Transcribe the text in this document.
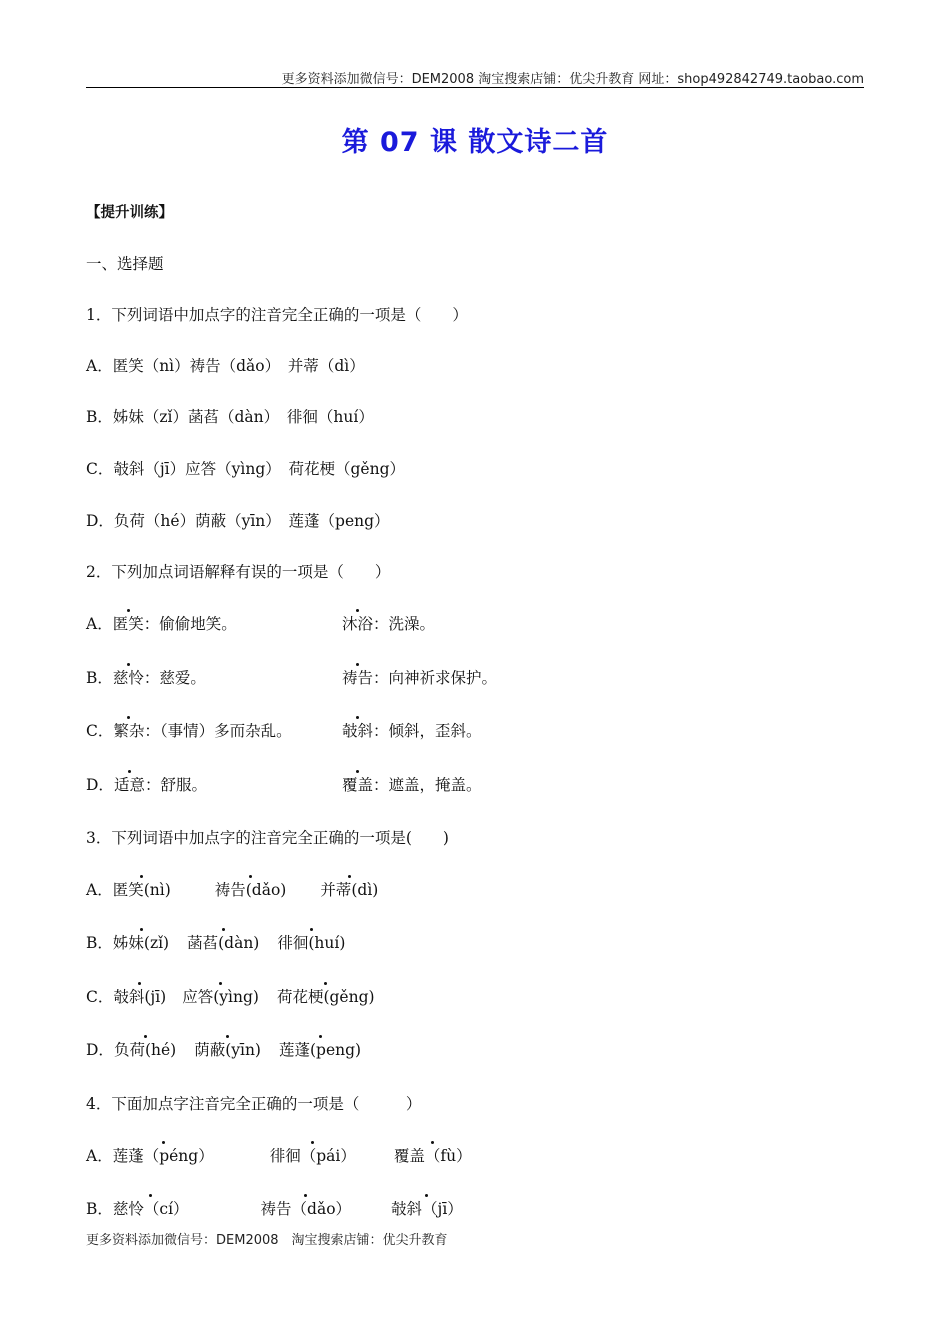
更多资料添加微信号：DEM2008 淘宝搜索店铺：优尖升教育 网址：shop492842749.taobao.com
第 07 课 散文诗二首
【提升训练】
一、选择题
1．下列词语中加点字的注音完全正确的一项是（　　）
A．匿笑（nì）祷告（dǎo）　并蒂（dì）
B．姊妹（zǐ）菡萏（dàn）　徘徊（huí）
C．攲斜（jī）应答（yìng）　荷花梗（gěng）
D．负荷（hé）荫蔽（yīn）　莲蓬（peng）
2．下列加点词语解释有误的一项是（　　）
A．匿笑：偷偷地笑。	沐浴：洗澡。
B．慈怜：慈爱。	祷告：向神祈求保护。
C．繁杂：（事情）多而杂乱。	攲斜：倾斜，歪斜。
D．适意：舒服。	覆盖：遮盖，掩盖。
3．下列词语中加点字的注音完全正确的一项是(　　)
A．匿笑(nì)	祷告(dǎo) 并蒂(dì)
B．姊妹(zǐ) 菡萏(dàn) 徘徊(huí)
C．攲斜(jī) 应答(yìng) 荷花梗(gěng)
D．负荷(hé) 荫蔽(yīn) 莲蓬(peng)
4．下面加点字注音完全正确的一项是（　　　）
A．莲蓬（péng）	徘徊（pái） 覆盖（fù）
B．慈怜（cí）	祷告（dǎo）	攲斜（jī）
更多资料添加微信号：DEM2008　淘宝搜索店铺：优尖升教育
